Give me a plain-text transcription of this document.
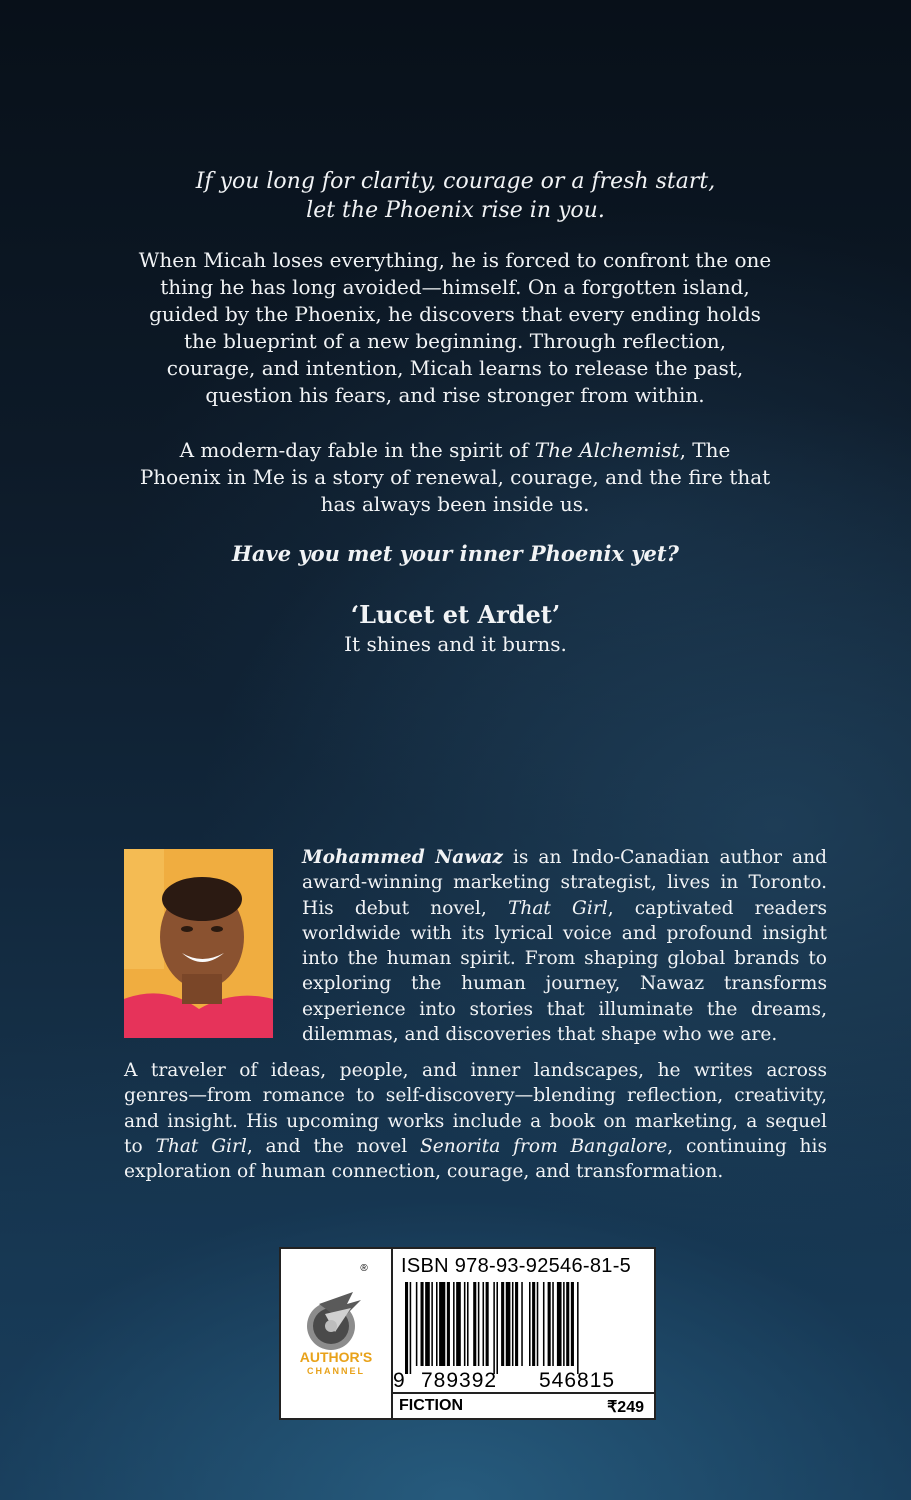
If you long for clarity, courage or a fresh start,
let the Phoenix rise in you.
When Micah loses everything, he is forced to confront the one
thing he has long avoided—himself. On a forgotten island,
guided by the Phoenix, he discovers that every ending holds
the blueprint of a new beginning. Through reflection,
courage, and intention, Micah learns to release the past,
question his fears, and rise stronger from within.
A modern-day fable in the spirit of The Alchemist, The
Phoenix in Me is a story of renewal, courage, and the fire that
has always been inside us.
Have you met your inner Phoenix yet?
‘Lucet et Ardet’
It shines and it burns.
Mohammed Nawaz is an Indo-Canadian author and
award-winning marketing strategist, lives in Toronto.
His debut novel, That Girl, captivated readers
worldwide with its lyrical voice and profound insight
into the human spirit. From shaping global brands to
exploring the human journey, Nawaz transforms
experience into stories that illuminate the dreams,
dilemmas, and discoveries that shape who we are.
A traveler of ideas, people, and inner landscapes, he writes across
genres—from romance to self-discovery—blending reflection, creativity,
and insight. His upcoming works include a book on marketing, a sequel
to That Girl, and the novel Senorita from Bangalore, continuing his
exploration of human connection, courage, and transformation.
®
AUTHOR'S
CHANNEL
ISBN 978-93-92546-81-5
9 789392 546815
FICTION	₹249
